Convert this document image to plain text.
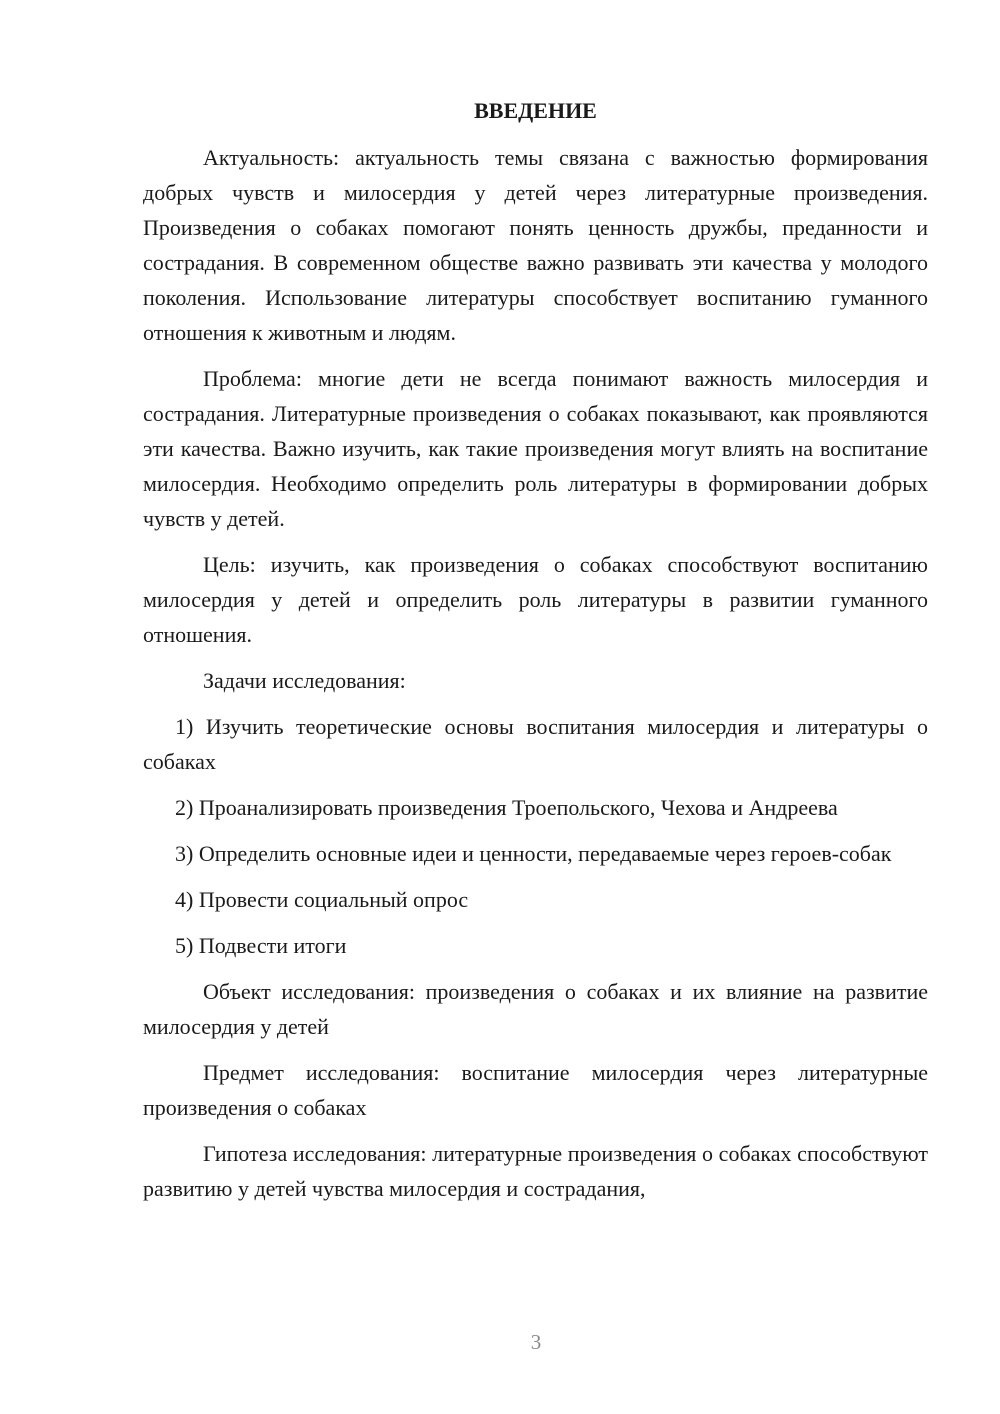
ВВЕДЕНИЕ
Актуальность: актуальность темы связана с важностью формирования добрых чувств и милосердия у детей через литературные произведения. Произведения о собаках помогают понять ценность дружбы, преданности и сострадания. В современном обществе важно развивать эти качества у молодого поколения. Использование литературы способствует воспитанию гуманного отношения к животным и людям.
Проблема: многие дети не всегда понимают важность милосердия и сострадания. Литературные произведения о собаках показывают, как проявляются эти качества. Важно изучить, как такие произведения могут влиять на воспитание милосердия. Необходимо определить роль литературы в формировании добрых чувств у детей.
Цель: изучить, как произведения о собаках способствуют воспитанию милосердия у детей и определить роль литературы в развитии гуманного отношения.
Задачи исследования:
1) Изучить теоретические основы воспитания милосердия и литературы о собаках
2) Проанализировать произведения Троепольского, Чехова и Андреева
3) Определить основные идеи и ценности, передаваемые через героев-собак
4) Провести социальный опрос
5) Подвести итоги
Объект исследования: произведения о собаках и их влияние на развитие милосердия у детей
Предмет исследования: воспитание милосердия через литературные произведения о собаках
Гипотеза исследования: литературные произведения о собаках способствуют развитию у детей чувства милосердия и сострадания,
3
